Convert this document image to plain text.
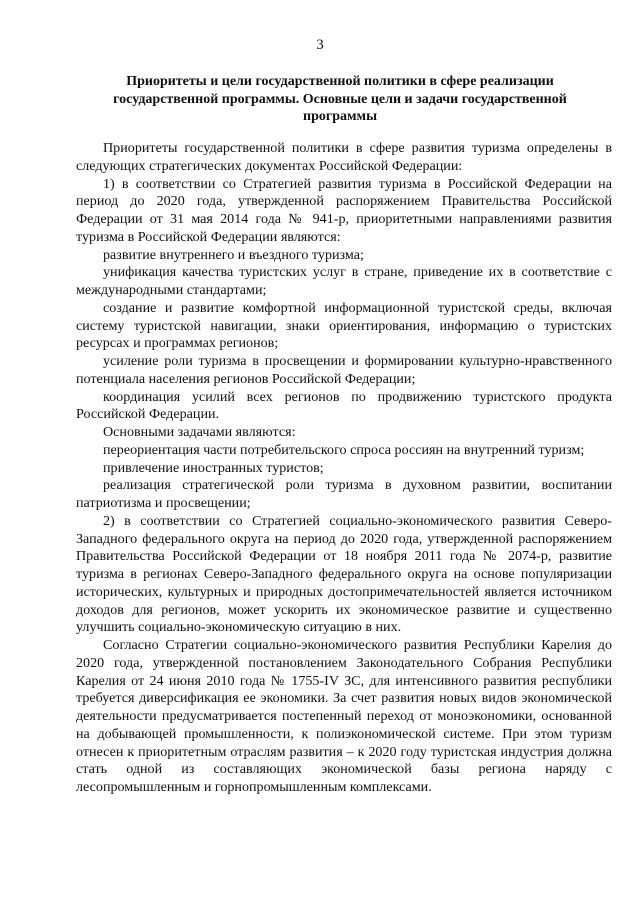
3
Приоритеты и цели государственной политики в сфере реализации государственной программы. Основные цели и задачи государственной программы

Приоритеты государственной политики в сфере развития туризма определены в следующих стратегических документах Российской Федерации:

1) в соответствии со Стратегией развития туризма в Российской Федерации на период до 2020 года, утвержденной распоряжением Правительства Российской Федерации от 31 мая 2014 года № 941-р, приоритетными направлениями развития туризма в Российской Федерации являются:

развитие внутреннего и въездного туризма;

унификация качества туристских услуг в стране, приведение их в соответствие с международными стандартами;

создание и развитие комфортной информационной туристской среды, включая систему туристской навигации, знаки ориентирования, информацию о туристских ресурсах и программах регионов;

усиление роли туризма в просвещении и формировании культурно-нравственного потенциала населения регионов Российской Федерации;

координация усилий всех регионов по продвижению туристского продукта Российской Федерации.

Основными задачами являются:

переориентация части потребительского спроса россиян на внутренний туризм;

привлечение иностранных туристов;

реализация стратегической роли туризма в духовном развитии, воспитании патриотизма и просвещении;

2) в соответствии со Стратегией социально-экономического развития Северо-Западного федерального округа на период до 2020 года, утвержденной распоряжением Правительства Российской Федерации от 18 ноября 2011 года № 2074-р, развитие туризма в регионах Северо-Западного федерального округа на основе популяризации исторических, культурных и природных достопримечательностей является источником доходов для регионов, может ускорить их экономическое развитие и существенно улучшить социально-экономическую ситуацию в них.

Согласно Стратегии социально-экономического развития Республики Карелия до 2020 года, утвержденной постановлением Законодательного Собрания Республики Карелия от 24 июня 2010 года № 1755-IV ЗС, для интенсивного развития республики требуется диверсификация ее экономики. За счет развития новых видов экономической деятельности предусматривается постепенный переход от моноэкономики, основанной на добывающей промышленности, к полиэкономической системе. При этом туризм отнесен к приоритетным отраслям развития – к 2020 году туристская индустрия должна стать одной из составляющих экономической базы региона наряду с лесопромышленным и горнопромышленным комплексами.
